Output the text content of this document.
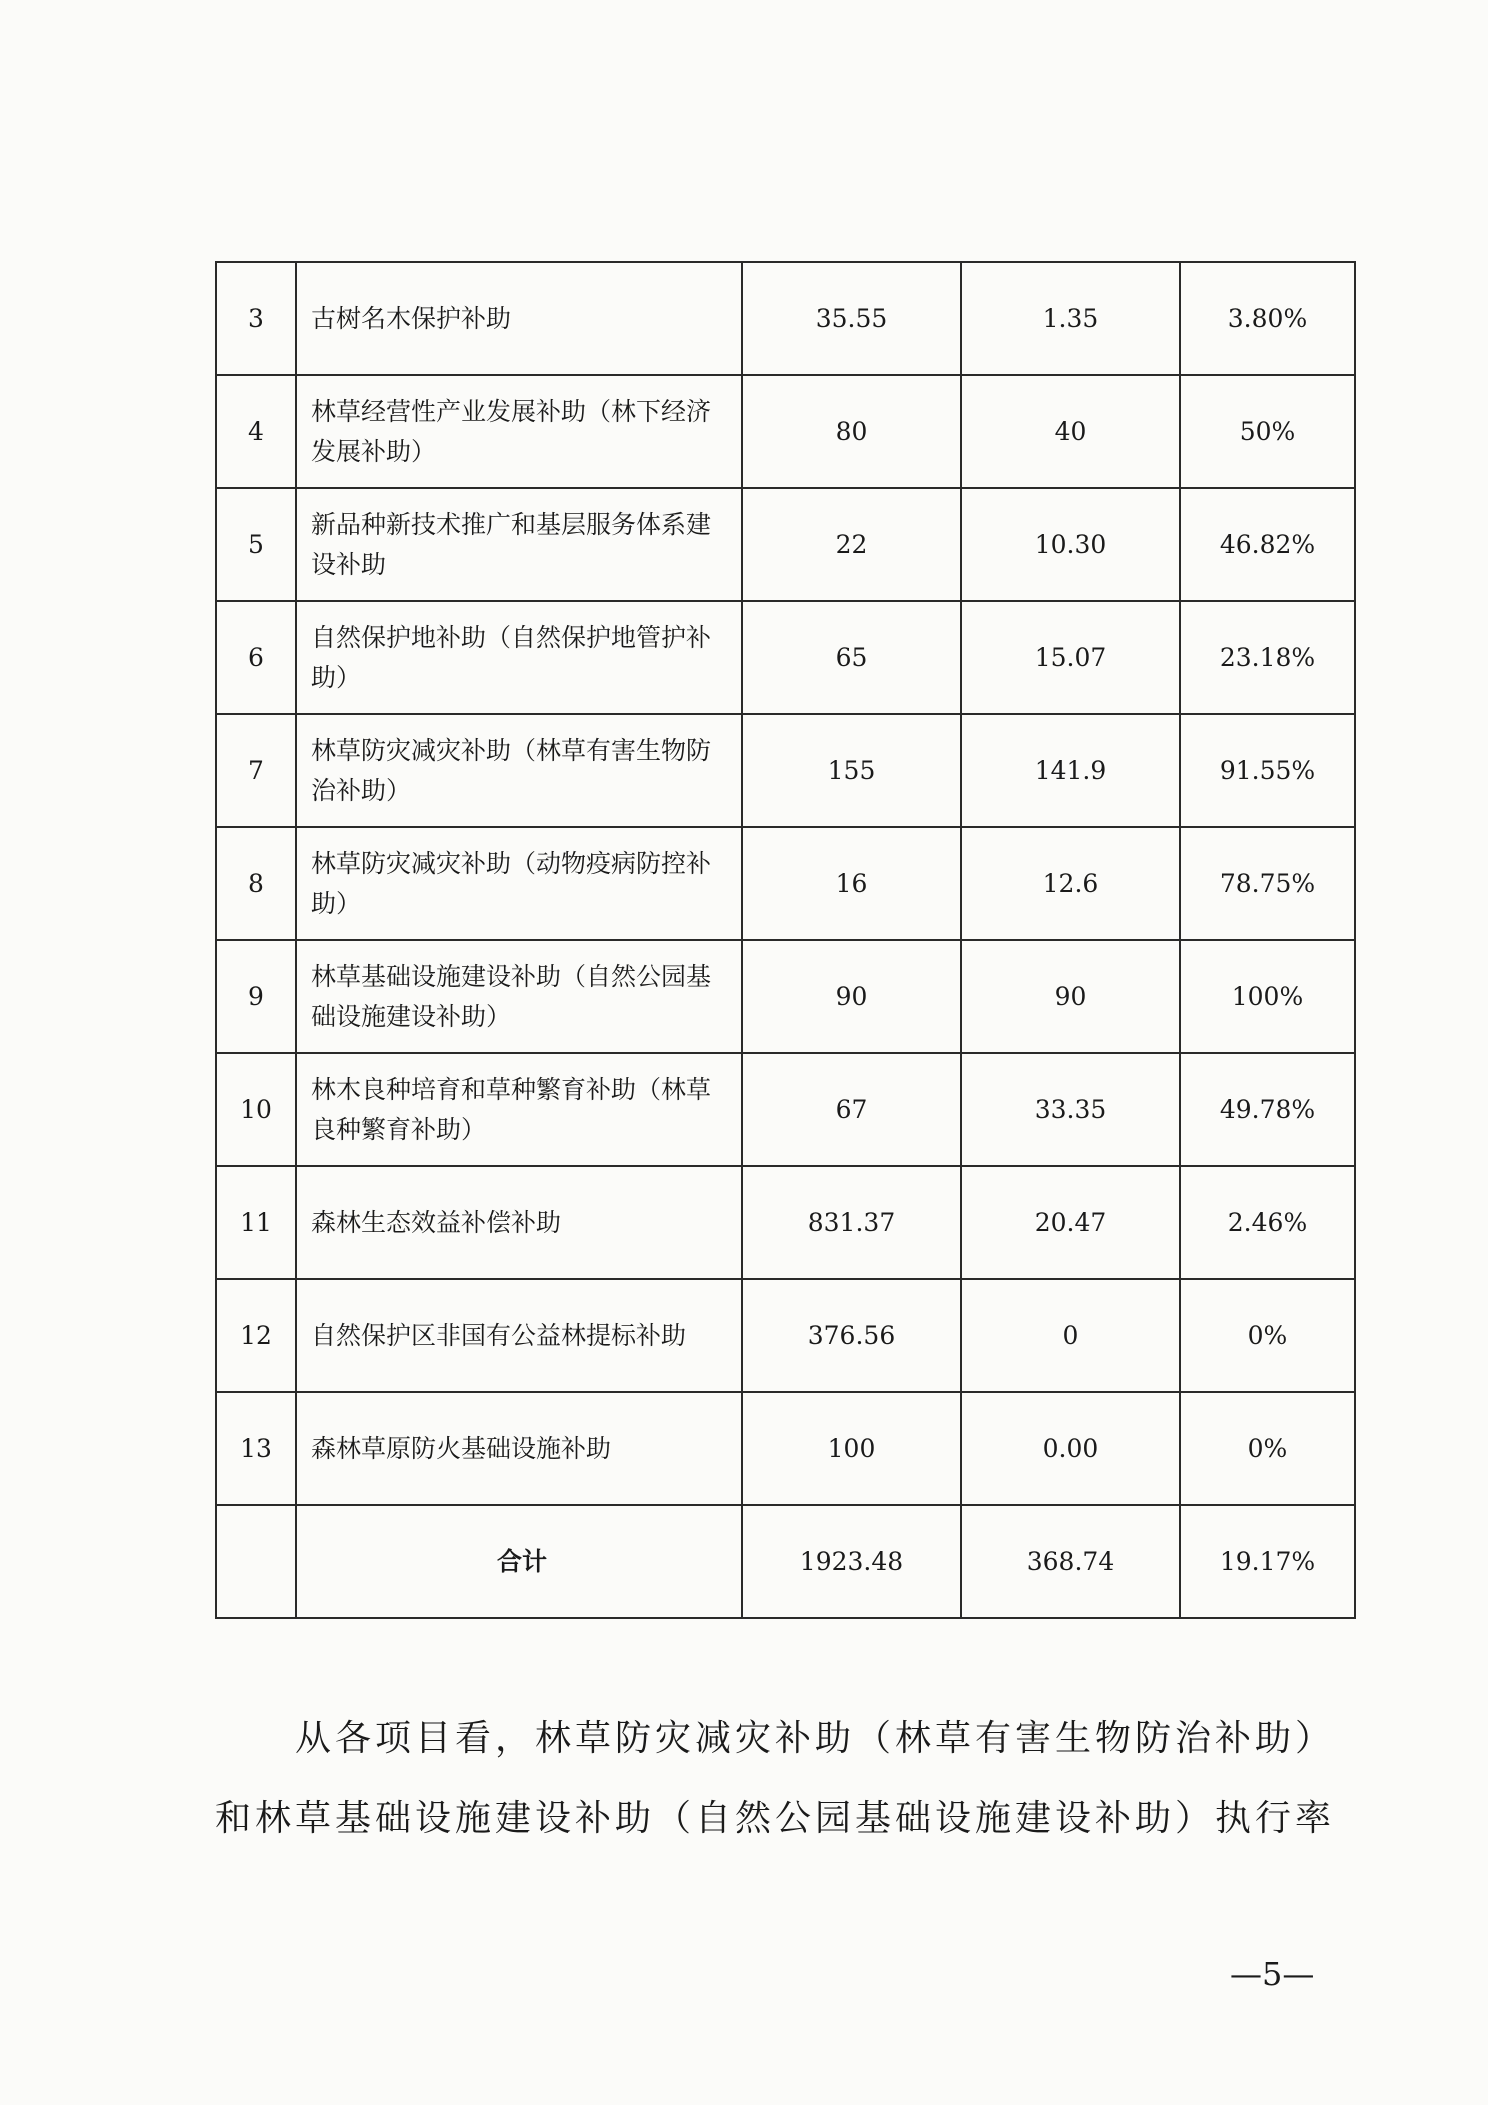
3	古树名木保护补助	35.55	1.35	3.80%
4	林草经营性产业发展补助（林下经济发展补助）	80	40	50%
5	新品种新技术推广和基层服务体系建设补助	22	10.30	46.82%
6	自然保护地补助（自然保护地管护补助）	65	15.07	23.18%
7	林草防灾减灾补助（林草有害生物防治补助）	155	141.9	91.55%
8	林草防灾减灾补助（动物疫病防控补助）	16	12.6	78.75%
9	林草基础设施建设补助（自然公园基础设施建设补助）	90	90	100%
10	林木良种培育和草种繁育补助（林草良种繁育补助）	67	33.35	49.78%
11	森林生态效益补偿补助	831.37	20.47	2.46%
12	自然保护区非国有公益林提标补助	376.56	0	0%
13	森林草原防火基础设施补助	100	0.00	0%
	合计	1923.48	368.74	19.17%
从各项目看，林草防灾减灾补助（林草有害生物防治补助）
和林草基础设施建设补助（自然公园基础设施建设补助）执行率
—5—
